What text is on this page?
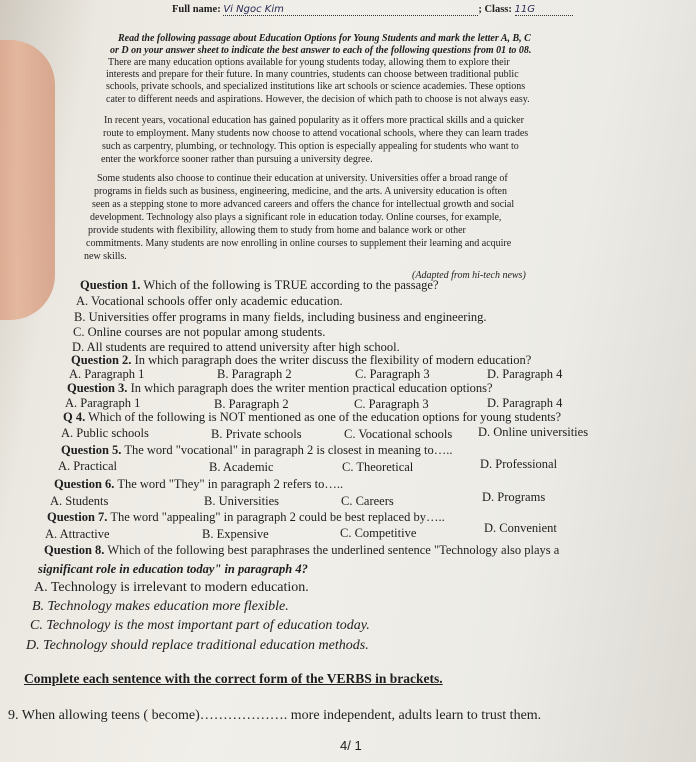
Full name: Vi Ngoc Kim	; Class: 11G
Read the following passage about Education Options for Young Students and mark the letter A, B, C
or D on your answer sheet to indicate the best answer to each of the following questions from 01 to 08.
There are many education options available for young students today, allowing them to explore their
interests and prepare for their future. In many countries, students can choose between traditional public
schools, private schools, and specialized institutions like art schools or science academies. These options
cater to different needs and aspirations. However, the decision of which path to choose is not always easy.
In recent years, vocational education has gained popularity as it offers more practical skills and a quicker
route to employment. Many students now choose to attend vocational schools, where they can learn trades
such as carpentry, plumbing, or technology. This option is especially appealing for students who want to
enter the workforce sooner rather than pursuing a university degree.
Some students also choose to continue their education at university. Universities offer a broad range of
programs in fields such as business, engineering, medicine, and the arts. A university education is often
seen as a stepping stone to more advanced careers and offers the chance for intellectual growth and social
development. Technology also plays a significant role in education today. Online courses, for example,
provide students with flexibility, allowing them to study from home and balance work or other
commitments. Many students are now enrolling in online courses to supplement their learning and acquire
new skills.
(Adapted from hi-tech news)
Question 1. Which of the following is TRUE according to the passage?
A. Vocational schools offer only academic education.
B. Universities offer programs in many fields, including business and engineering.
C. Online courses are not popular among students.
D. All students are required to attend university after high school.
Question 2. In which paragraph does the writer discuss the flexibility of modern education?
A. Paragraph 1	B. Paragraph 2	C. Paragraph 3	D. Paragraph 4
Question 3. In which paragraph does the writer mention practical education options?
A. Paragraph 1	B. Paragraph 2	C. Paragraph 3	D. Paragraph 4
Q 4. Which of the following is NOT mentioned as one of the education options for young students?
A. Public schools	B. Private schools	C. Vocational schools D. Online universities
Question 5. The word "vocational" in paragraph 2 is closest in meaning to…..
A. Practical	B. Academic	C. Theoretical	D. Professional
Question 6. The word "They" in paragraph 2 refers to…..
A. Students	B. Universities	C. Careers	D. Programs
Question 7. The word "appealing" in paragraph 2 could be best replaced by…..
A. Attractive	B. Expensive	C. Competitive	D. Convenient
Question 8. Which of the following best paraphrases the underlined sentence "Technology also plays a
significant role in education today" in paragraph 4?
A. Technology is irrelevant to modern education.
B. Technology makes education more flexible.
C. Technology is the most important part of education today.
D. Technology should replace traditional education methods.
Complete each sentence with the correct form of the VERBS in brackets.
9. When allowing teens ( become)………………. more independent, adults learn to trust them.
4/ 1
